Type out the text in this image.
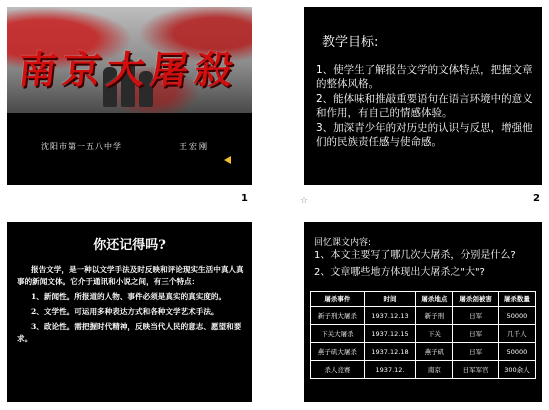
南京大屠殺
沈阳市第一五八中学	王宏刚
1
教学目标:
1、使学生了解报告文学的文体特点，把握文章的整体风格。
2、能体味和推敲重要语句在语言环境中的意义和作用，有自己的情感体验。
3、加深青少年的对历史的认识与反思，增强他们的民族责任感与使命感。
2
☆
你还记得吗?

报告文学，是一种以文学手法及时反映和评论现实生活中真人真事的新闻文体。它介于通讯和小说之间，有三个特点：

1、新闻性。所报道的人物、事件必须是真实的真实度的。

2、文学性。可运用多种表达方式和各种文学艺术手法。

3、政论性。需把握时代精神，反映当代人民的意志、愿望和要求。

回忆课文内容:
1、本文主要写了哪几次大屠杀，分别是什么?
2、文章哪些地方体现出大屠杀之"大"?
屠杀事件	时间	屠杀地点	屠杀刽被害	屠杀数量
新子刑大屠杀	1937.12.13	新子刑	日军	50000
下关大屠杀	1937.12.15	下关	日军	几千人
燕子矶大屠杀	1937.12.18	燕子矶	日军	50000
杀人竞赛	1937.12.	南京	日军军官	300余人
